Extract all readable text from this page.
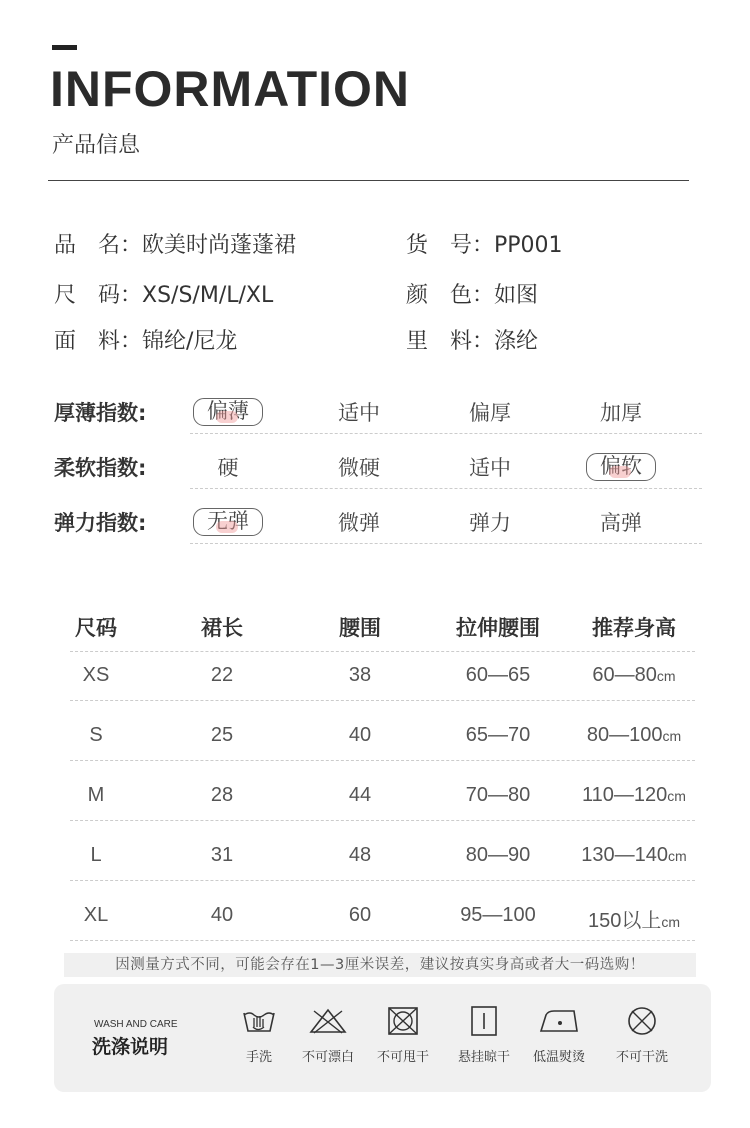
INFORMATION
产品信息
品　名：欧美时尚蓬蓬裙	货　号：PP001
尺　码：XS/S/M/L/XL	颜　色：如图
面　料：锦纶/尼龙	里　料：涤纶
厚薄指数:	偏薄	适中	偏厚	加厚
柔软指数:	硬	微硬	适中	偏软
弹力指数:	无弹	微弹	弹力	高弹
尺码	裙长	腰围	拉伸腰围	推荐身高
XS	22	38	60—65	60—80cm
S	25	40	65—70	80—100cm
M	28	44	70—80	110—120cm
L	31	48	80—90	130—140cm
XL	40	60	95—100	150以上cm
因测量方式不同，可能会存在1—3厘米误差，建议按真实身高或者大一码选购！
WASH AND CARE
洗涤说明	手洗	不可漂白	不可甩干	悬挂晾干	低温熨烫	不可干洗
